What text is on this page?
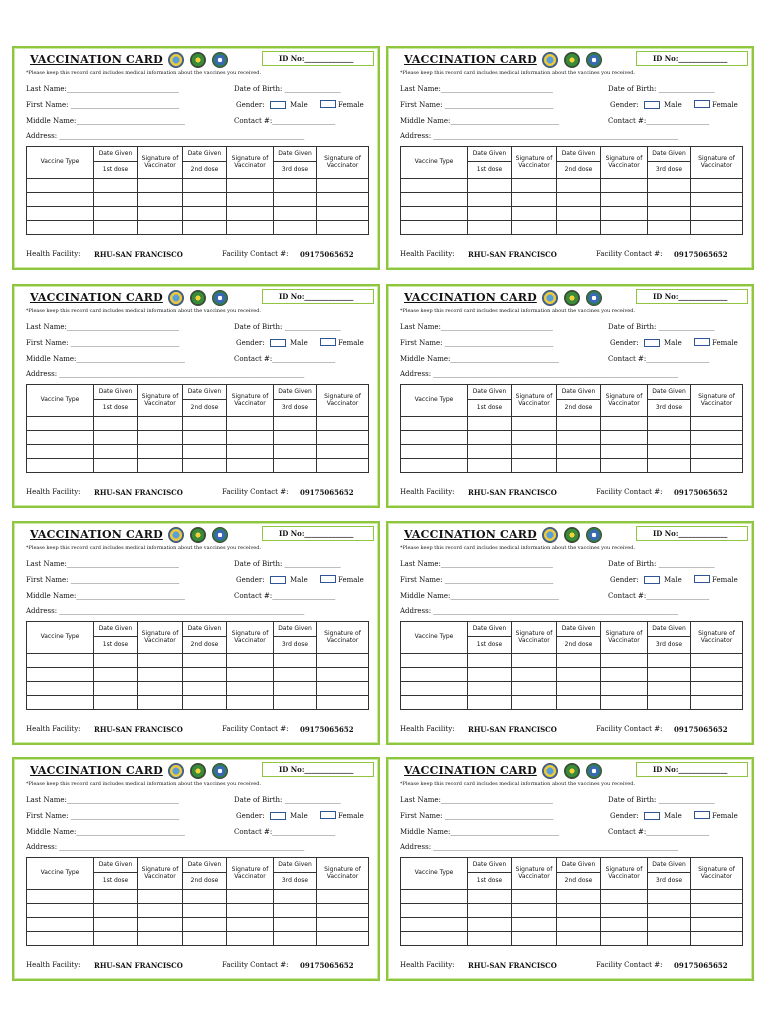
VACCINATION CARD	ID No:______________
*Please keep this record card includes medical information about the vaccines you received.
Last Name:________________________________
First Name: _______________________________
Middle Name:_______________________________
Address: ______________________________________________________________________
Date of Birth: ________________
Gender:	Male	Female
Contact #:__________________
Vaccine Type	Date Given	Signature of Vaccinator	Date Given	Signature of Vaccinator	Date Given	Signature of Vaccinator
	1st dose		2nd dose		3rd dose	

Health Facility: RHU-SAN FRANCISCO	Facility Contact #: 09175065652
VACCINATION CARD	ID No:______________
*Please keep this record card includes medical information about the vaccines you received.
Last Name:________________________________
First Name: _______________________________
Middle Name:_______________________________
Address: ______________________________________________________________________
Date of Birth: ________________
Gender:	Male	Female
Contact #:__________________
Vaccine Type	Date Given	Signature of Vaccinator	Date Given	Signature of Vaccinator	Date Given	Signature of Vaccinator
	1st dose		2nd dose		3rd dose	

Health Facility: RHU-SAN FRANCISCO	Facility Contact #: 09175065652
VACCINATION CARD	ID No:______________
*Please keep this record card includes medical information about the vaccines you received.
Last Name:________________________________
First Name: _______________________________
Middle Name:_______________________________
Address: ______________________________________________________________________
Date of Birth: ________________
Gender:	Male	Female
Contact #:__________________
Vaccine Type	Date Given	Signature of Vaccinator	Date Given	Signature of Vaccinator	Date Given	Signature of Vaccinator
	1st dose		2nd dose		3rd dose	

Health Facility: RHU-SAN FRANCISCO	Facility Contact #: 09175065652
VACCINATION CARD	ID No:______________
*Please keep this record card includes medical information about the vaccines you received.
Last Name:________________________________
First Name: _______________________________
Middle Name:_______________________________
Address: ______________________________________________________________________
Date of Birth: ________________
Gender:	Male	Female
Contact #:__________________
Vaccine Type	Date Given	Signature of Vaccinator	Date Given	Signature of Vaccinator	Date Given	Signature of Vaccinator
	1st dose		2nd dose		3rd dose	

Health Facility: RHU-SAN FRANCISCO	Facility Contact #: 09175065652
VACCINATION CARD	ID No:______________
*Please keep this record card includes medical information about the vaccines you received.
Last Name:________________________________
First Name: _______________________________
Middle Name:_______________________________
Address: ______________________________________________________________________
Date of Birth: ________________
Gender:	Male	Female
Contact #:__________________
Vaccine Type	Date Given	Signature of Vaccinator	Date Given	Signature of Vaccinator	Date Given	Signature of Vaccinator
	1st dose		2nd dose		3rd dose	

Health Facility: RHU-SAN FRANCISCO	Facility Contact #: 09175065652
VACCINATION CARD	ID No:______________
*Please keep this record card includes medical information about the vaccines you received.
Last Name:________________________________
First Name: _______________________________
Middle Name:_______________________________
Address: ______________________________________________________________________
Date of Birth: ________________
Gender:	Male	Female
Contact #:__________________
Vaccine Type	Date Given	Signature of Vaccinator	Date Given	Signature of Vaccinator	Date Given	Signature of Vaccinator
	1st dose		2nd dose		3rd dose	

Health Facility: RHU-SAN FRANCISCO	Facility Contact #: 09175065652
VACCINATION CARD	ID No:______________
*Please keep this record card includes medical information about the vaccines you received.
Last Name:________________________________
First Name: _______________________________
Middle Name:_______________________________
Address: ______________________________________________________________________
Date of Birth: ________________
Gender:	Male	Female
Contact #:__________________
Vaccine Type	Date Given	Signature of Vaccinator	Date Given	Signature of Vaccinator	Date Given	Signature of Vaccinator
	1st dose		2nd dose		3rd dose	

Health Facility: RHU-SAN FRANCISCO	Facility Contact #: 09175065652
VACCINATION CARD	ID No:______________
*Please keep this record card includes medical information about the vaccines you received.
Last Name:________________________________
First Name: _______________________________
Middle Name:_______________________________
Address: ______________________________________________________________________
Date of Birth: ________________
Gender:	Male	Female
Contact #:__________________
Vaccine Type	Date Given	Signature of Vaccinator	Date Given	Signature of Vaccinator	Date Given	Signature of Vaccinator
	1st dose		2nd dose		3rd dose	

Health Facility: RHU-SAN FRANCISCO	Facility Contact #: 09175065652
